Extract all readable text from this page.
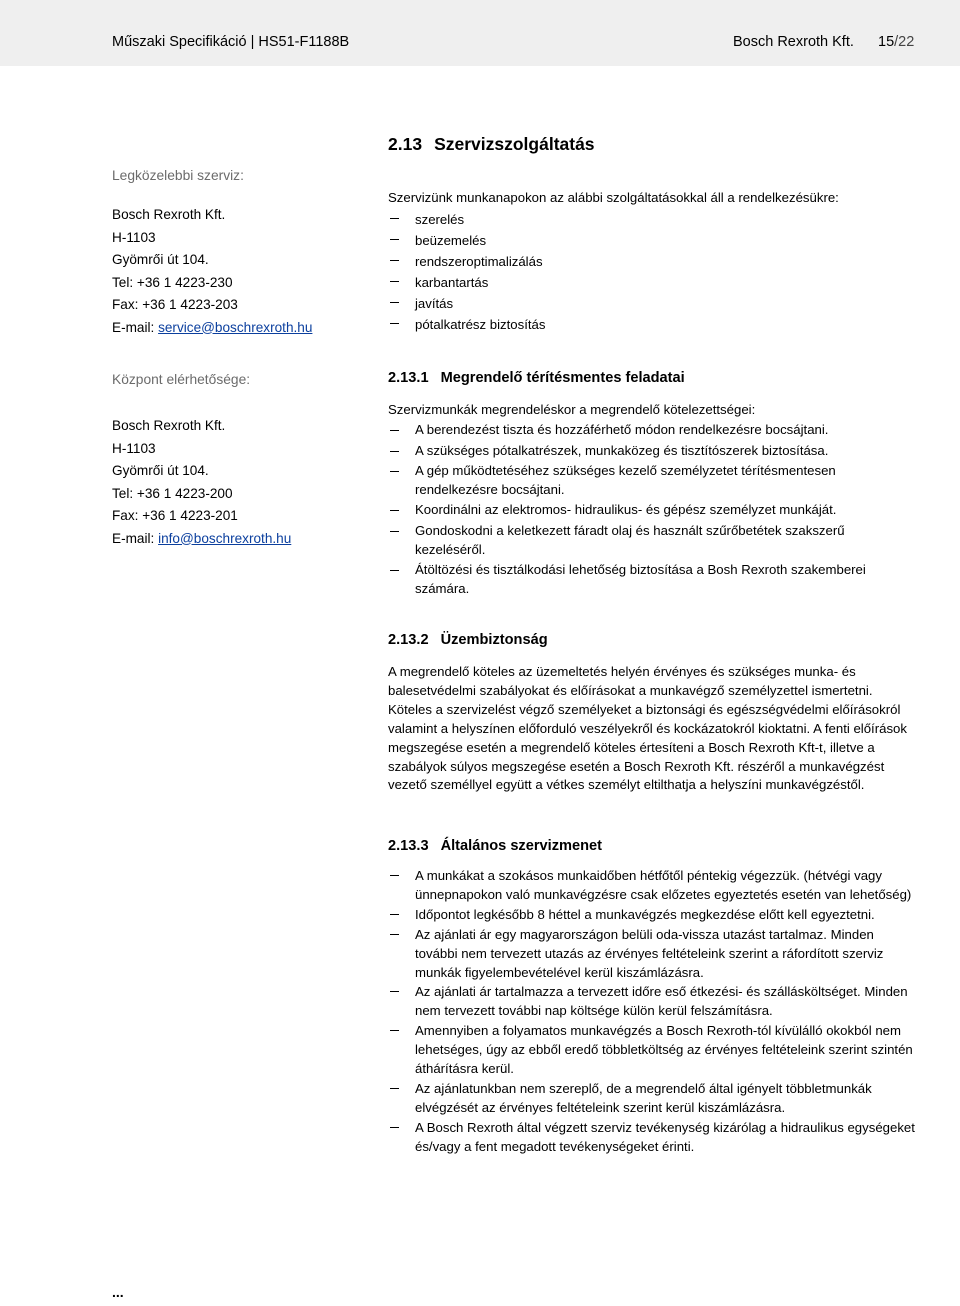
Műszaki Specifikáció | HS51-F1188B	Bosch Rexroth Kft. 15/22
Legközelebbi szerviz:
Bosch Rexroth Kft.
H-1103
Gyömrői út 104.
Tel: +36 1 4223-230
Fax: +36 1 4223-203
E-mail: service@boschrexroth.hu
Központ elérhetősége:
Bosch Rexroth Kft.
H-1103
Gyömrői út 104.
Tel: +36 1 4223-200
Fax: +36 1 4223-201
E-mail: info@boschrexroth.hu
2.13 Szervizszolgáltatás
Szervizünk munkanapokon az alábbi szolgáltatásokkal áll a rendelkezésükre:
szerelés
beüzemelés
rendszeroptimalizálás
karbantartás
javítás
pótalkatrész biztosítás
2.13.1 Megrendelő térítésmentes feladatai
Szervizmunkák megrendeléskor a megrendelő kötelezettségei:
A berendezést tiszta és hozzáférhető módon rendelkezésre bocsájtani.
A szükséges pótalkatrészek, munkaközeg és tisztítószerek biztosítása.
A gép működtetéséhez szükséges kezelő személyzetet térítésmentesen rendelkezésre bocsájtani.
Koordinálni az elektromos- hidraulikus- és gépész személyzet munkáját.
Gondoskodni a keletkezett fáradt olaj és használt szűrőbetétek szakszerű kezeléséről.
Átöltözési és tisztálkodási lehetőség biztosítása a Bosh Rexroth szakemberei számára.
2.13.2 Üzembiztonság
A megrendelő köteles az üzemeltetés helyén érvényes és szükséges munka- és balesetvédelmi szabályokat és előírásokat a munkavégző személyzettel ismertetni. Köteles a szervizelést végző személyeket a biztonsági és egészségvédelmi előírásokról valamint a helyszínen előforduló veszélyekről és kockázatokról kioktatni. A fenti előírások megszegése esetén a megrendelő köteles értesíteni a Bosch Rexroth Kft-t, illetve a szabályok súlyos megszegése esetén a Bosch Rexroth Kft. részéről a munkavégzést vezető személlyel együtt a vétkes személyt eltilthatja a helyszíni munkavégzéstől.
2.13.3 Általános szervizmenet
A munkákat a szokásos munkaidőben hétfőtől péntekig végezzük. (hétvégi vagy ünnepnapokon való munkavégzésre csak előzetes egyeztetés esetén van lehetőség)
Időpontot legkésőbb 8 héttel a munkavégzés megkezdése előtt kell egyeztetni.
Az ajánlati ár egy magyarországon belüli oda-vissza utazást tartalmaz. Minden további nem tervezett utazás az érvényes feltételeink szerint a ráfordított szerviz munkák figyelembevételével kerül kiszámlázásra.
Az ajánlati ár tartalmazza a tervezett időre eső étkezési- és szállásköltséget. Minden nem tervezett további nap költsége külön kerül felszámításra.
Amennyiben a folyamatos munkavégzés a Bosch Rexroth-tól kívülálló okokból nem lehetséges, úgy az ebből eredő többletköltség az érvényes feltételeink szerint szintén áthárításra kerül.
Az ajánlatunkban nem szereplő, de a megrendelő által igényelt többletmunkák elvégzését az érvényes feltételeink szerint kerül kiszámlázásra.
A Bosch Rexroth által végzett szerviz tevékenység kizárólag a hidraulikus egységeket és/vagy a fent megadott tevékenységeket érinti.
...
